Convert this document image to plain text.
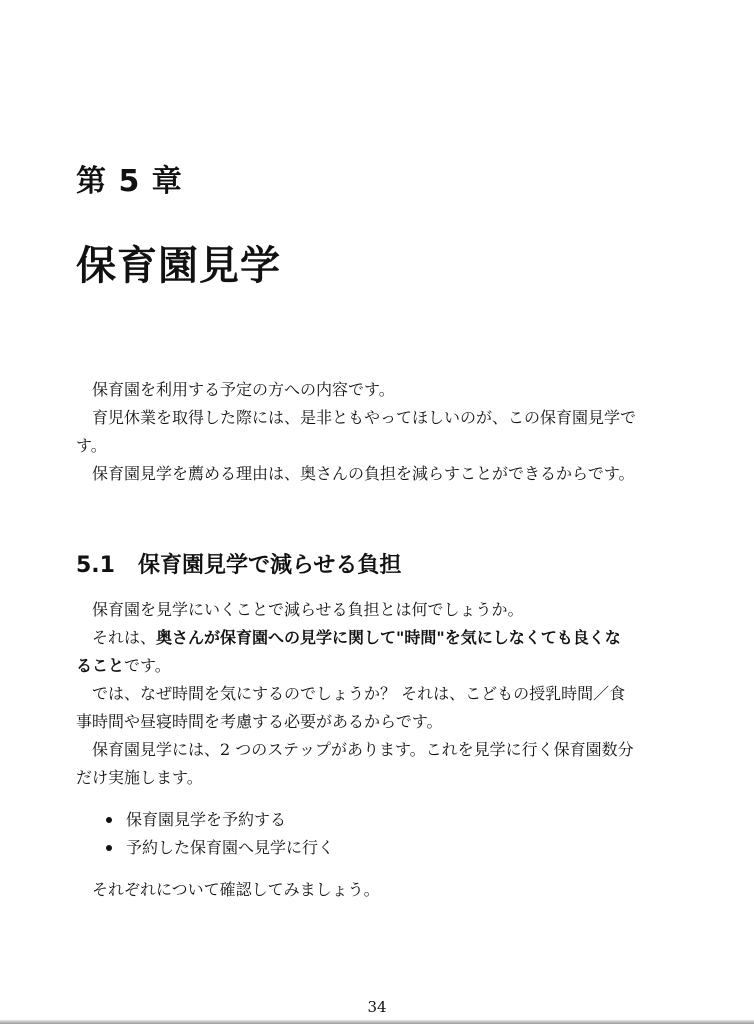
第 5 章
保育園見学

保育園を利用する予定の方への内容です。

育児休業を取得した際には、是非ともやってほしいのが、この保育園見学です。

保育園見学を薦める理由は、奥さんの負担を減らすことができるからです。

5.1 保育園見学で減らせる負担

保育園を見学にいくことで減らせる負担とは何でしょうか。

それは、奥さんが保育園への見学に関して"時間"を気にしなくても良くなることです。

では、なぜ時間を気にするのでしょうか？ それは、こどもの授乳時間／食事時間や昼寝時間を考慮する必要があるからです。

保育園見学には、2 つのステップがあります。これを見学に行く保育園数分だけ実施します。

保育園見学を予約する
予約した保育園へ見学に行く

それぞれについて確認してみましょう。

34
